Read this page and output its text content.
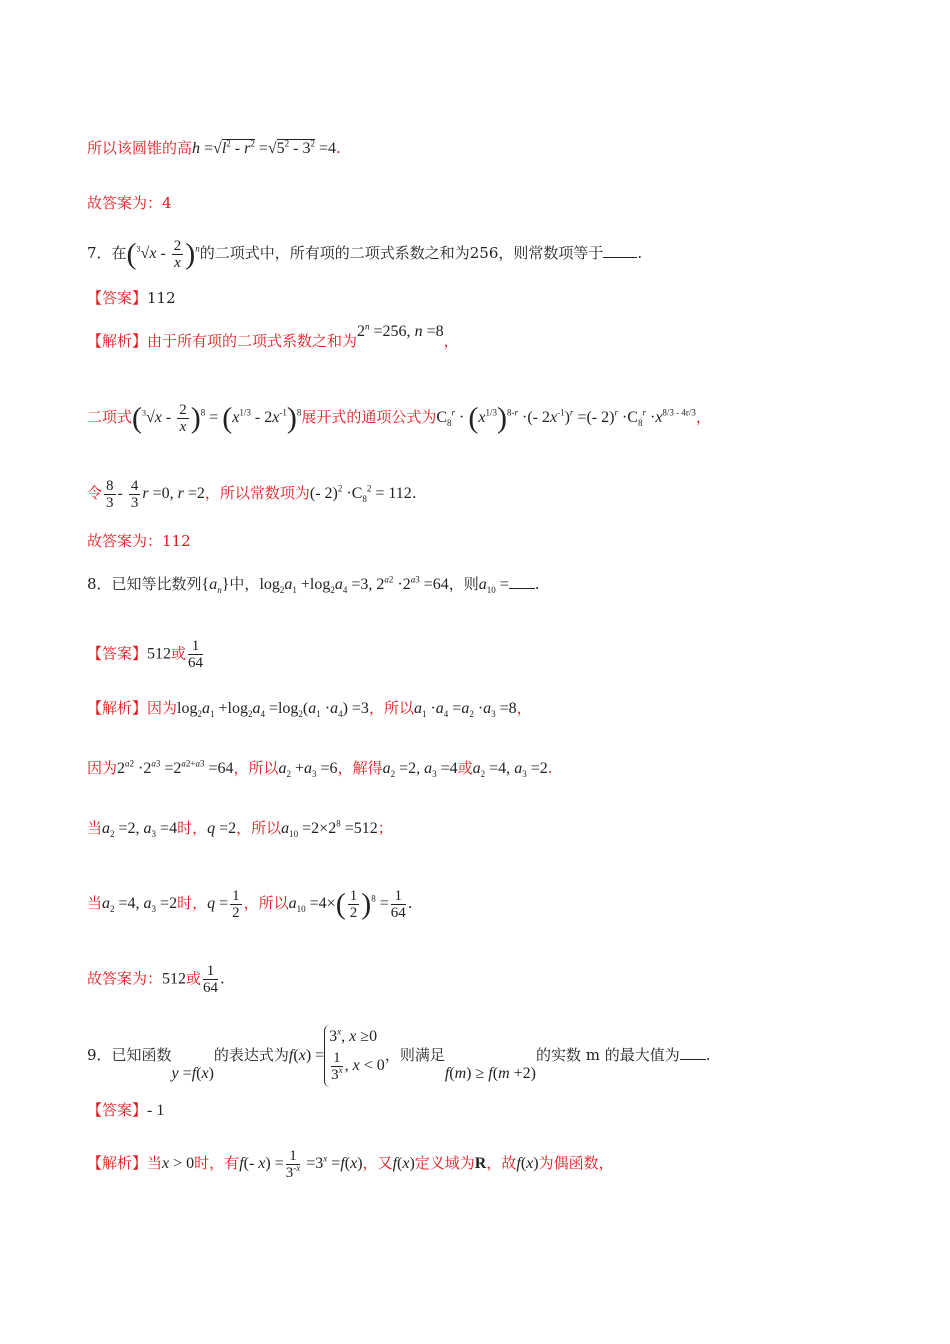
所以该圆锥的高$h =√l^2 - r^2 =√5^2 - 3^2 =4$.
故答案为：4
7．在$(^3√x - \frac{2}{x} )^n$的二项式中，所有项的二项式系数之和为256，则常数项等于 .
【答案】112
【解析】由于所有项的二项式系数之和为$2^n =256$, n =8，
二项式$(^3√x - \frac{2}{x} )^8 = (x^{1/3} - 2x^{-1})^8$展开式的通项公式为$C_8^r \cdot (x^{1/3})^{8-r}$ ·(- $2x^{-1})^r$ =(- $2)^r \cdot C_8^r \cdot x^{8/3 - 4r/3}$，
令 $\frac{8}{3} - \frac{4}{3}$ r =0, r =2，所以常数项为(- $2)^2 \cdot C_8^2 = 112$.
故答案为：112
8．已知等比数列$\{a_n\}$中，$\log_2a_1 +\log_2a_4 =3$, $2^{a2} \cdot 2^{a3} =64$，则$a_{10}$ = .
【答案】512或 $\frac{1}{64}$
【解析】因为$\log_2a_1 +\log_2a_4 =\log_2(a_1 \cdot a_4) =3$，所以$a_1 \cdot a_4 =a_2 \cdot a_3 =8$，
因为$2^{a2} \cdot 2^{a3} =2^{a2+a3} =64$，所以$a_2 +a_3 =6$，解得$a_2 =2$, $a_3 =4$或$a_2 =4$, $a_3 =2$.
当$a_2 =2$, $a_3 =4$时，q =2，所以$a_{10} =2\times 2^8 =512$；
当$a_2 =4$, $a_3 =2$时，$q = \frac{1}{2}$ ，所以$a_{10} =4\times( \frac{1}{2} )^8 = \frac{1}{64}$ .
故答案为：512或 $\frac{1}{64}$ .
9．已知函数y =f(x)的表达式为f(x) =
$3^x$, x ≥0
$\frac{1}{3^x}$ , x < 0
，则满足f(m) ≥ f(m +2)的实数 m 的最大值为 .
【答案】- 1
【解析】当x > 0时，有f(- $x) = \frac{1}{3^{-x}} =3^x =f(x)$，又f(x)定义域为R，故f(x)为偶函数，
